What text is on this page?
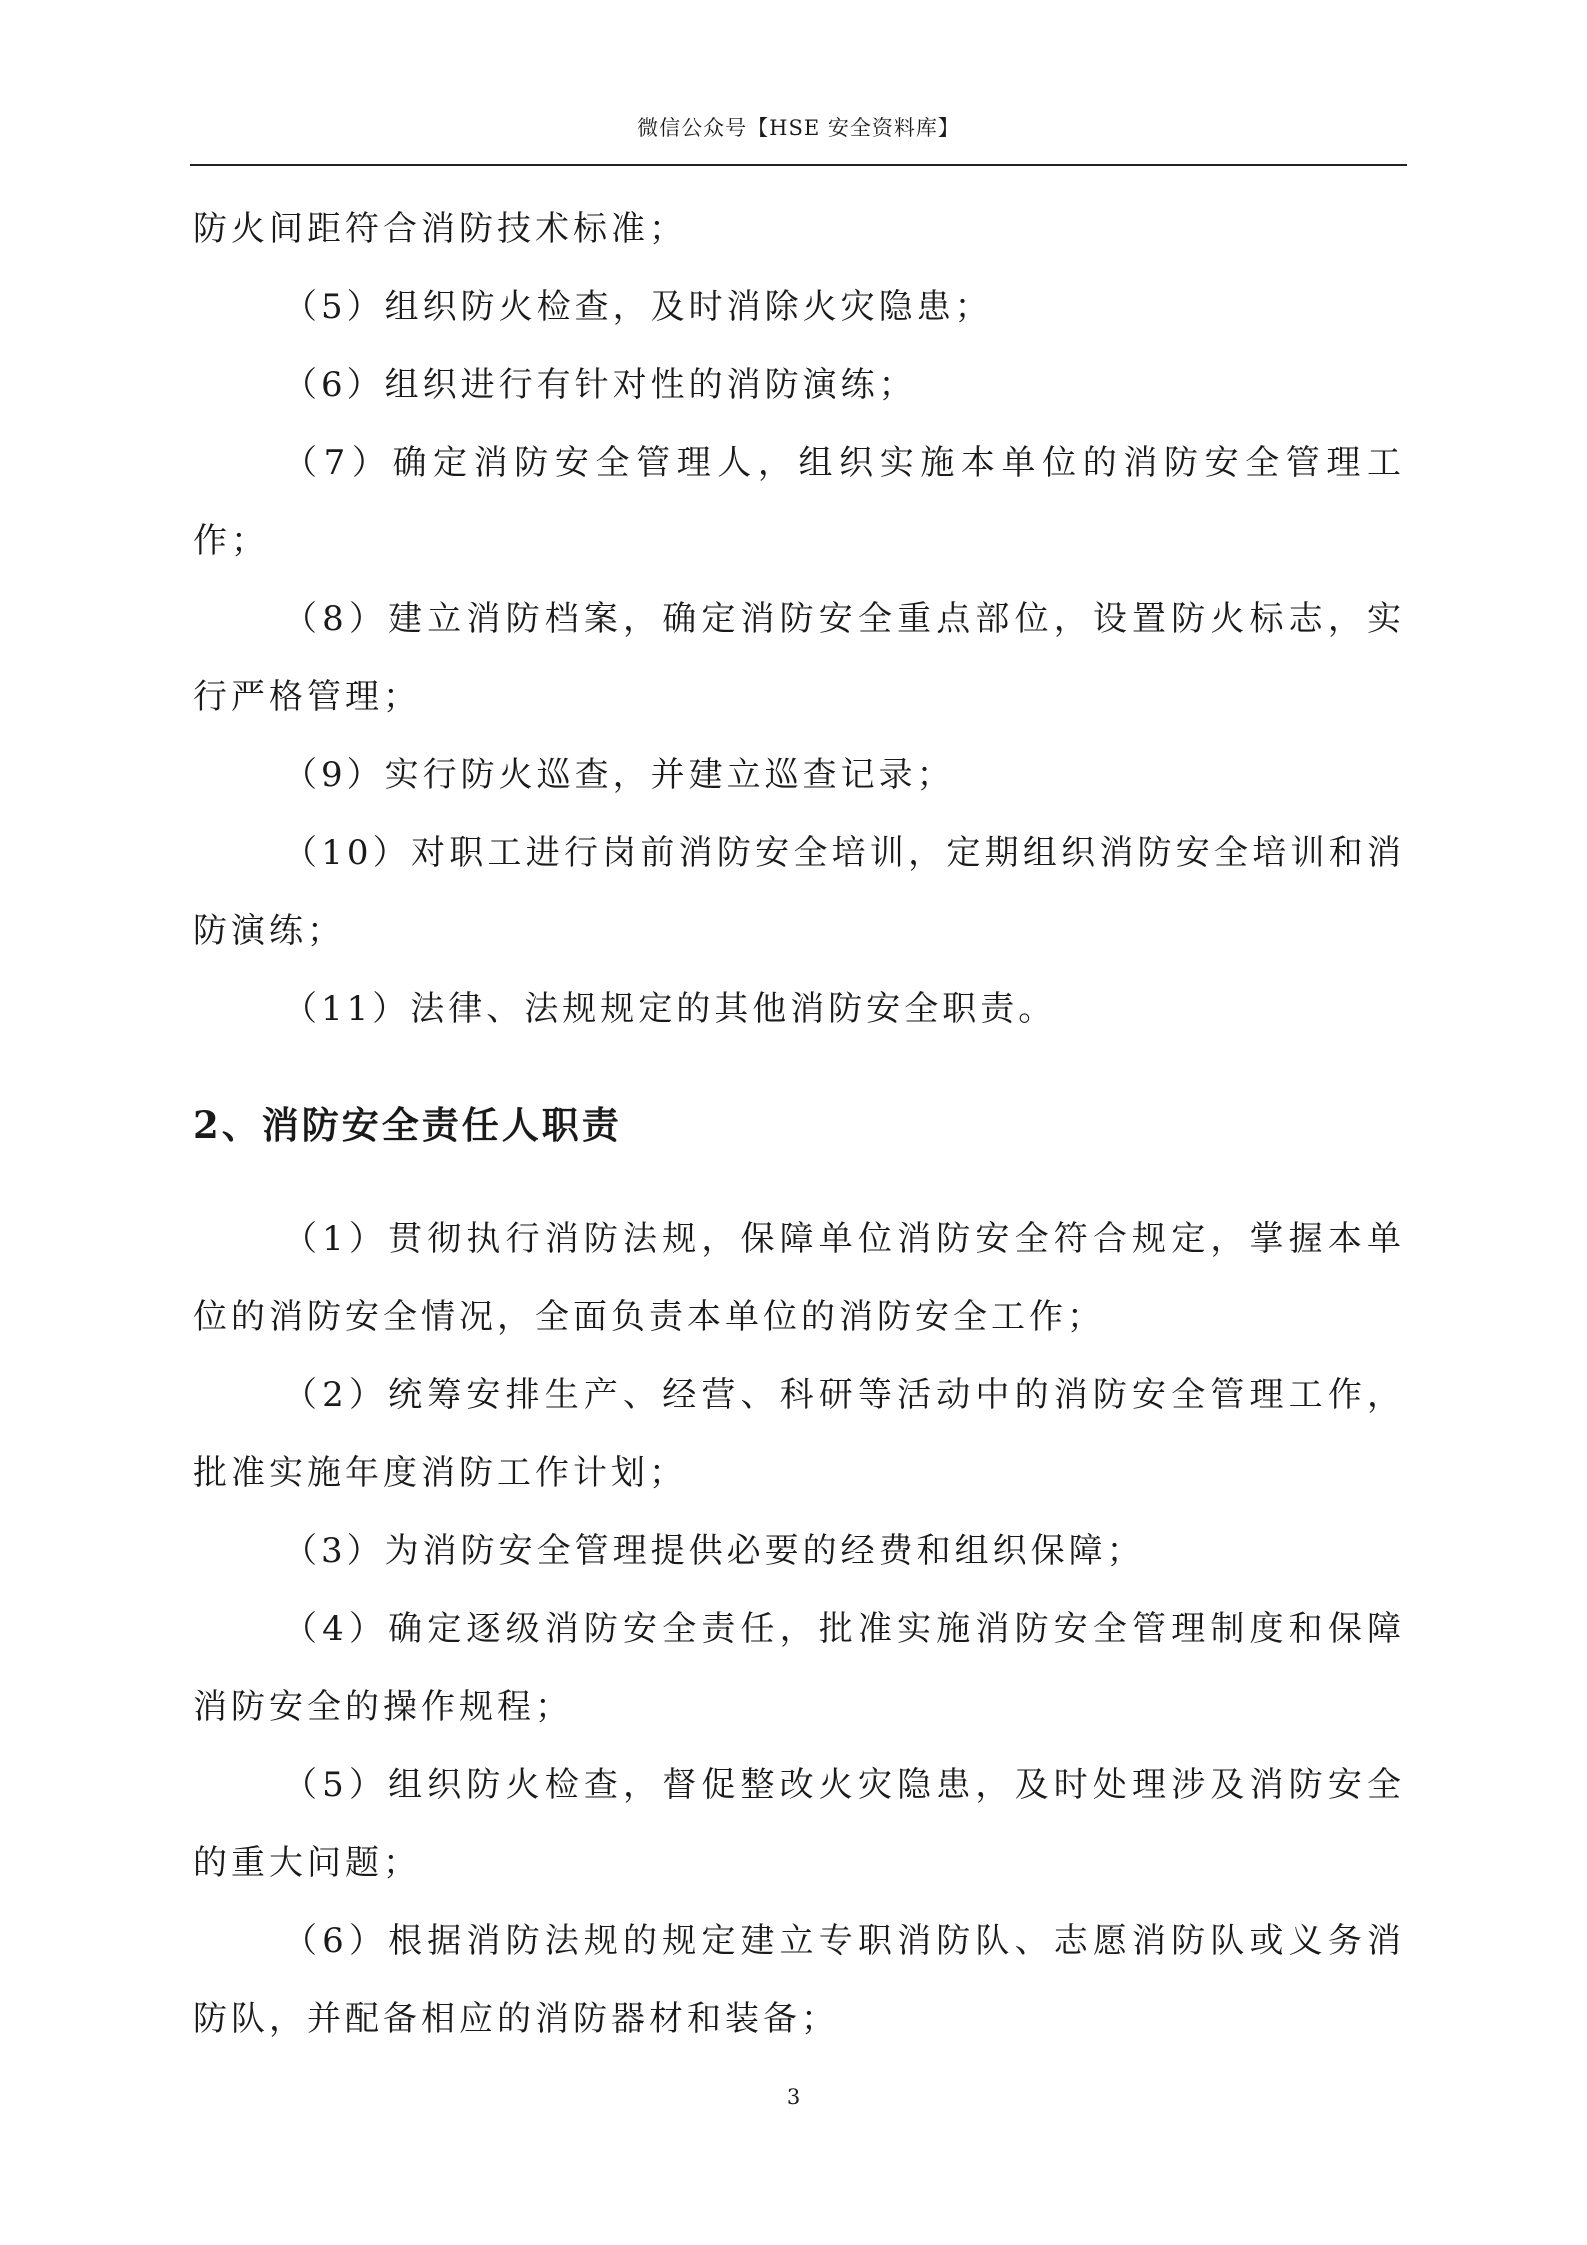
微信公众号【HSE 安全资料库】

防火间距符合消防技术标准；

（5）组织防火检查，及时消除火灾隐患；

（6）组织进行有针对性的消防演练；

（7）确定消防安全管理人，组织实施本单位的消防安全管理工作；

（8）建立消防档案，确定消防安全重点部位，设置防火标志，实行严格管理；

（9）实行防火巡查，并建立巡查记录；

（10）对职工进行岗前消防安全培训，定期组织消防安全培训和消防演练；

（11）法律、法规规定的其他消防安全职责。

2、消防安全责任人职责

（1）贯彻执行消防法规，保障单位消防安全符合规定，掌握本单位的消防安全情况，全面负责本单位的消防安全工作；

（2）统筹安排生产、经营、科研等活动中的消防安全管理工作，批准实施年度消防工作计划；

（3）为消防安全管理提供必要的经费和组织保障；

（4）确定逐级消防安全责任，批准实施消防安全管理制度和保障消防安全的操作规程；

（5）组织防火检查，督促整改火灾隐患，及时处理涉及消防安全的重大问题；

（6）根据消防法规的规定建立专职消防队、志愿消防队或义务消防队，并配备相应的消防器材和装备；

3
